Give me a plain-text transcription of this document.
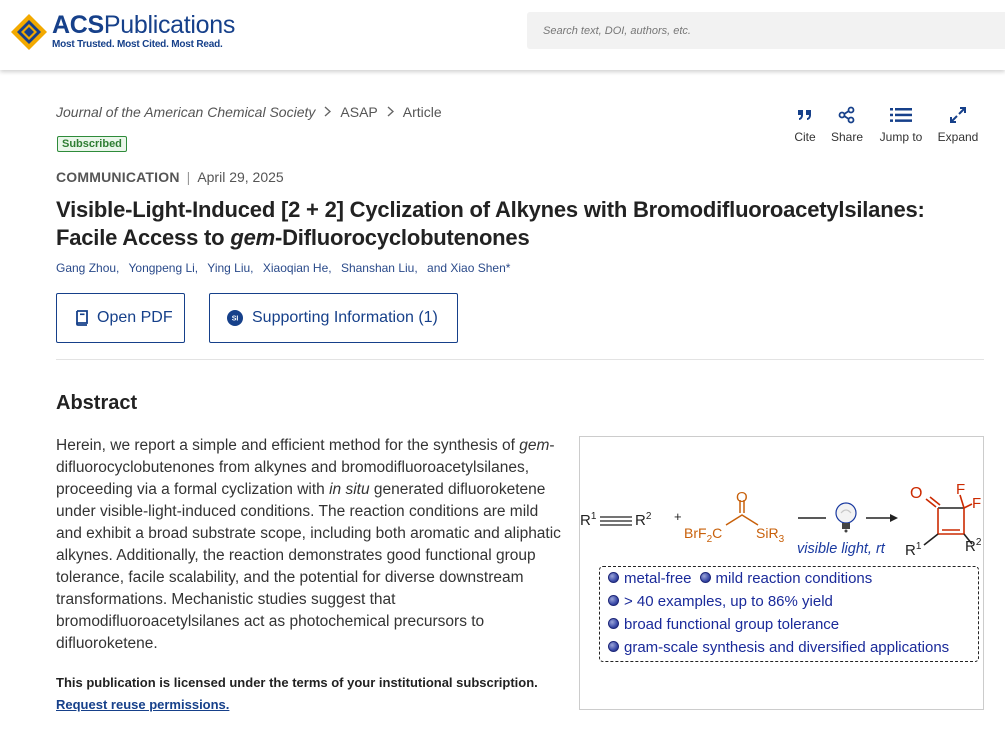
ACSPublications
Most Trusted. Most Cited. Most Read.
Search text, DOI, authors, etc.
Journal of the American Chemical Society ASAP Article
Subscribed	Cite	Share	Jump to	Expand
COMMUNICATION | April 29, 2025
Visible-Light-Induced [2 + 2] Cyclization of Alkynes with Bromodifluoroacetylsilanes: Facile Access to gem-Difluorocyclobutenones
Gang Zhou, Yongpeng Li, Ying Liu, Xiaoqian He, Shanshan Liu, and Xiao Shen*
Open PDF	SI Supporting Information (1)
Abstract

Herein, we report a simple and efficient method for the synthesis of gem-difluorocyclobutenones from alkynes and bromodifluoroacetylsilanes, proceeding via a formal cyclization with in situ generated difluoroketene under visible-light-induced conditions. The reaction conditions are mild and exhibit a broad substrate scope, including both aromatic and aliphatic alkynes. Additionally, the reaction demonstrates good functional group tolerance, facile scalability, and the potential for diverse downstream transformations. Mechanistic studies suggest that bromodifluoroacetylsilanes act as photochemical precursors to difluoroketene.

This publication is licensed under the terms of your institutional subscription.
Request reuse permissions.
$R^1$	$R^2$ +
O
BrF$_2$C SiR$_3$
visible light, rt
O F
F
$R^1$	$R^2$
metal-free mild reaction conditions
> 40 examples, up to 86% yield
broad functional group tolerance
gram-scale synthesis and diversified applications
